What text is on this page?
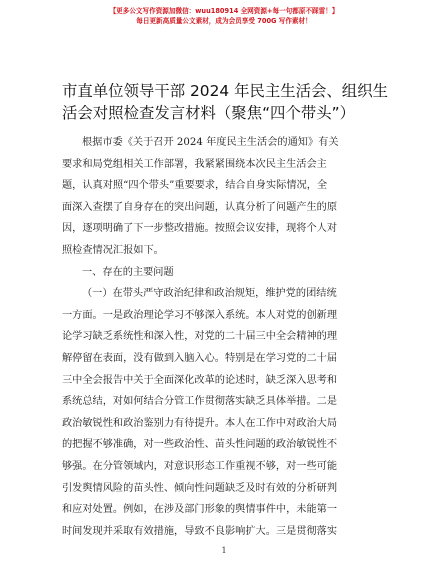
【更多公文写作资源加微信：wuu180914 全网资源+每一句都原不踩雷！】
每日更新高质量公文素材，成为会员享受 700G 写作素材！
市直单位领导干部 2024 年民主生活会、组织生
活会对照检查发言材料（聚焦“四个带头”）
根据市委《关于召开 2024 年度民主生活会的通知》有关
要求和局党组相关工作部署，我紧紧围绕本次民主生活会主
题，认真对照“四个带头”重要要求，结合自身实际情况，全
面深入查摆了自身存在的突出问题，认真分析了问题产生的原
因，逐项明确了下一步整改措施。按照会议安排，现将个人对
照检查情况汇报如下。
一、存在的主要问题
（一）在带头严守政治纪律和政治规矩，维护党的团结统
一方面。一是政治理论学习不够深入系统。本人对党的创新理
论学习缺乏系统性和深入性，对党的二十届三中全会精神的理
解停留在表面，没有做到入脑入心。特别是在学习党的二十届
三中全会报告中关于全面深化改革的论述时，缺乏深入思考和
系统总结，对如何结合分管工作贯彻落实缺乏具体举措。二是
政治敏锐性和政治鉴别力有待提升。本人在工作中对政治大局
的把握不够准确，对一些政治性、苗头性问题的政治敏锐性不
够强。在分管领域内，对意识形态工作重视不够，对一些可能
引发舆情风险的苗头性、倾向性问题缺乏及时有效的分析研判
和应对处置。例如，在涉及部门形象的舆情事件中，未能第一
时间发现并采取有效措施，导致不良影响扩大。三是贯彻落实
1
